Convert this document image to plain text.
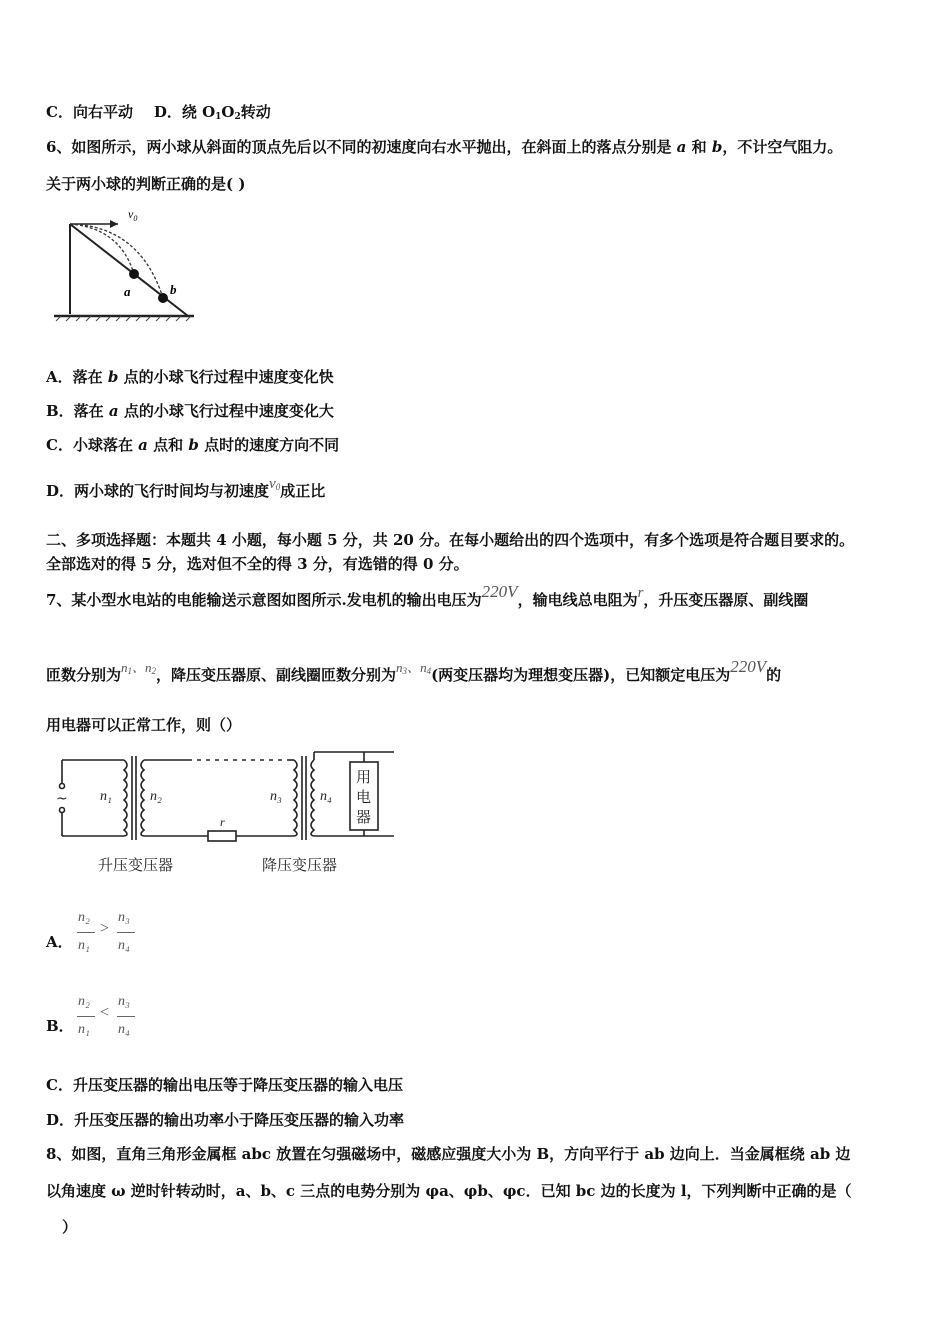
C．向右平动 D．绕 $O_1O_2$转动
6、如图所示，两小球从斜面的顶点先后以不同的初速度向右水平抛出，在斜面上的落点分别是 a 和 b，不计空气阻力。
关于两小球的判断正确的是( )
$v_0$
a	b
A．落在 b 点的小球飞行过程中速度变化快
B．落在 a 点的小球飞行过程中速度变化大
C．小球落在 a 点和 b 点时的速度方向不同
D．两小球的飞行时间均与初速度$v_0$成正比
二、多项选择题：本题共 4 小题，每小题 5 分，共 20 分。在每小题给出的四个选项中，有多个选项是符合题目要求的。
全部选对的得 5 分，选对但不全的得 3 分，有选错的得 0 分。
7、某小型水电站的电能输送示意图如图所示.发电机的输出电压为220V，输电线总电阻为r，升压变压器原、副线圈
匝数分别为$n_1$、$n_2$，降压变压器原、副线圈匝数分别为$n_3$、$n_4$(两变压器均为理想变压器)，已知额定电压为220V的
用电器可以正常工作，则（）
n₁	n₂	n₃	n₄
r
~
用
电
器
升压变压器	降压变压器
A．
n₂
n₁
>
n₃
n₄
B．
n₂
n₁
<
n₃
n₄
C．升压变压器的输出电压等于降压变压器的输入电压
D．升压变压器的输出功率小于降压变压器的输入功率
8、如图，直角三角形金属框 abc 放置在匀强磁场中，磁感应强度大小为 B，方向平行于 ab 边向上．当金属框绕 ab 边
以角速度 ω 逆时针转动时，a、b、c 三点的电势分别为 φa、φb、φc．已知 bc 边的长度为 l，下列判断中正确的是（
）
